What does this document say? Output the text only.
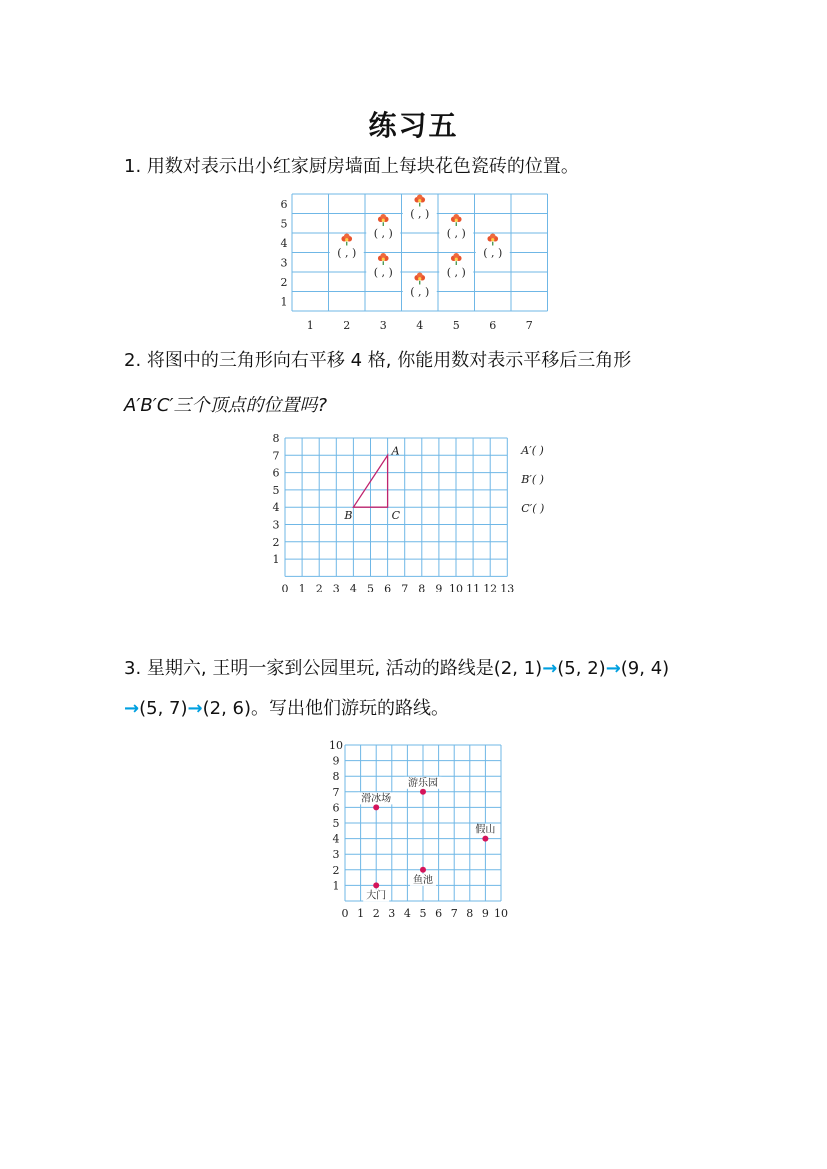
练习五
1. 用数对表示出小红家厨房墙面上每块花色瓷砖的位置。
1	2	3	4	5	6	7
1
2
3
4
5
6
( , )
( , )	( , )
( , )	( , )
( , )	( , )
( , )
2. 将图中的三角形向右平移 4 格, 你能用数对表示平移后三角形
A′B′C′三个顶点的位置吗?
0 1 2 3 4 5 6 7 8 9 10 11 12 13
1
2
3
4
5
6
7
8
A
B	C
A′( )
B′( )
C′( )
3. 星期六, 王明一家到公园里玩, 活动的路线是(2, 1)→(5, 2)→(9, 4)
→(5, 7)→(2, 6)。写出他们游玩的路线。
0 1 2 3 4 5 6 7 8 9 10
1
2
3
4
5
6
7
8
9
10
大门
鱼池
假山
游乐园
滑冰场
